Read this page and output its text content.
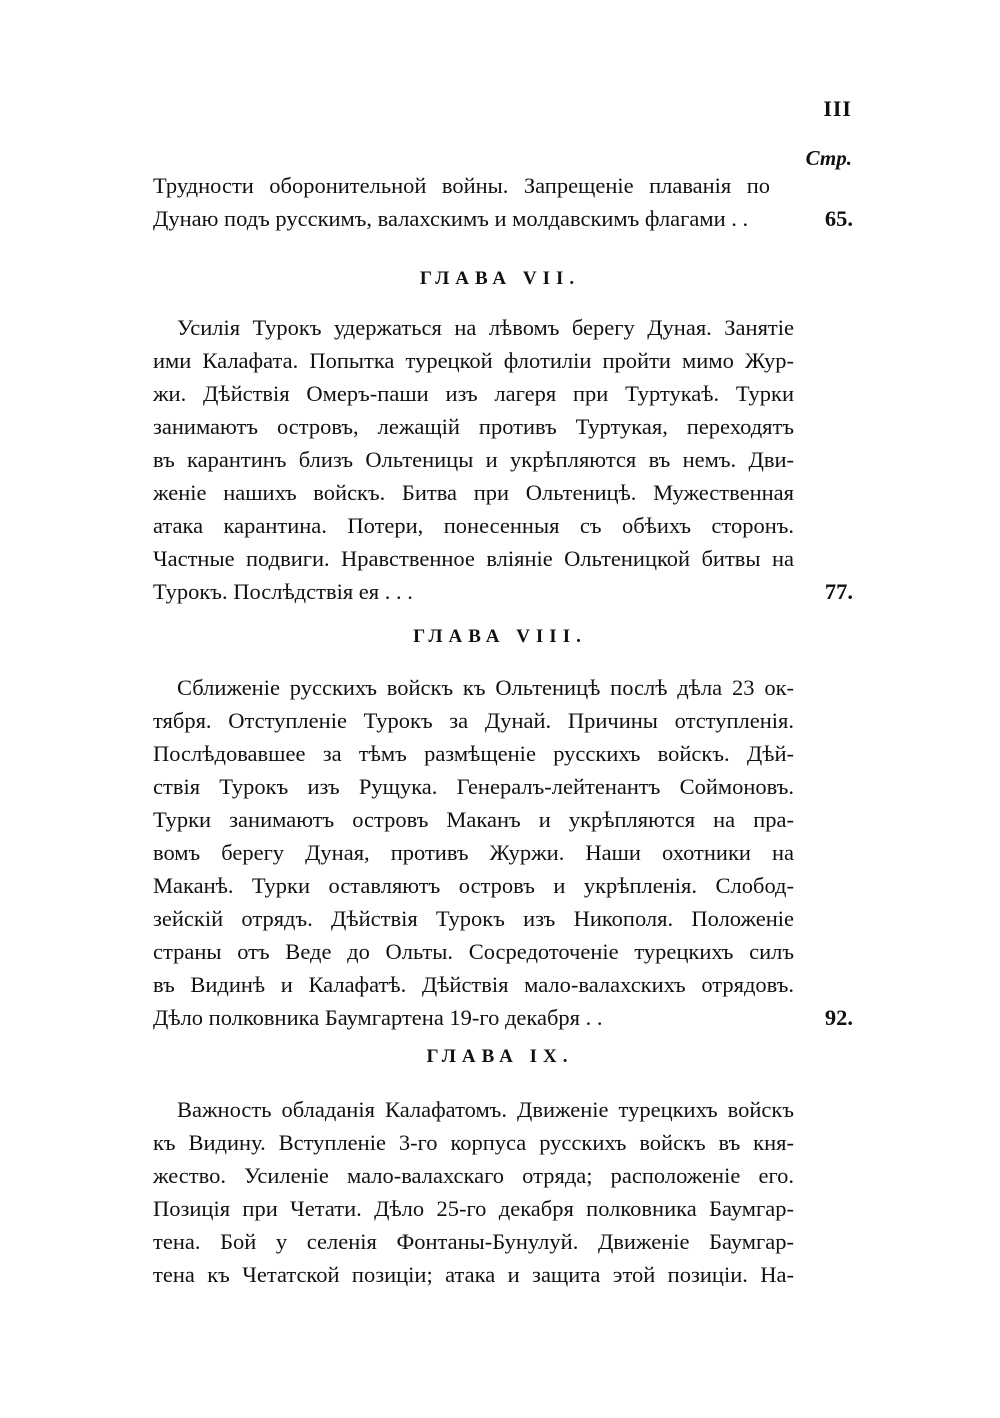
III
Стр.
Трудности оборонительной войны. Запрещеніе плаванія по
Дунаю подъ русскимъ, валахскимъ и молдавскимъ флагами . .	65.
ГЛАВА VII.
Усилія Турокъ удержаться на лѣвомъ берегу Дуная. Занятіе
ими Калафата. Попытка турецкой флотиліи пройти мимо Жур-
жи. Дѣйствія Омеръ-паши изъ лагеря при Туртукаѣ. Турки
занимаютъ островъ, лежащій противъ Туртукая, переходятъ
въ карантинъ близъ Ольтеницы и укрѣпляются въ немъ. Дви-
женіе нашихъ войскъ. Битва при Ольтеницѣ. Мужественная
атака карантина. Потери, понесенныя съ обѣихъ сторонъ.
Частные подвиги. Нравственное вліяніе Ольтеницкой битвы на
Турокъ. Послѣдствія ея . . .	77.
ГЛАВА VIII.
Сближеніе русскихъ войскъ къ Ольтеницѣ послѣ дѣла 23 ок-
тября. Отступленіе Турокъ за Дунай. Причины отступленія.
Послѣдовавшее за тѣмъ размѣщеніе русскихъ войскъ. Дѣй-
ствія Турокъ изъ Рущука. Генералъ-лейтенантъ Соймоновъ.
Турки занимаютъ островъ Маканъ и укрѣпляются на пра-
вомъ берегу Дуная, противъ Журжи. Наши охотники на
Маканѣ. Турки оставляютъ островъ и укрѣпленія. Слобод-
зейскій отрядъ. Дѣйствія Турокъ изъ Никополя. Положеніе
страны отъ Веде до Ольты. Сосредоточеніе турецкихъ силъ
въ Видинѣ и Калафатѣ. Дѣйствія мало-валахскихъ отрядовъ.
Дѣло полковника Баумгартена 19-го декабря . .	92.
ГЛАВА IX.
Важность обладанія Калафатомъ. Движеніе турецкихъ войскъ
къ Видину. Вступленіе 3-го корпуса русскихъ войскъ въ кня-
жество. Усиленіе мало-валахскаго отряда; расположеніе его.
Позиція при Четати. Дѣло 25-го декабря полковника Баумгар-
тена. Бой у селенія Фонтаны-Бунулуй. Движеніе Баумгар-
тена къ Четатской позиціи; атака и защита этой позиціи. На-
